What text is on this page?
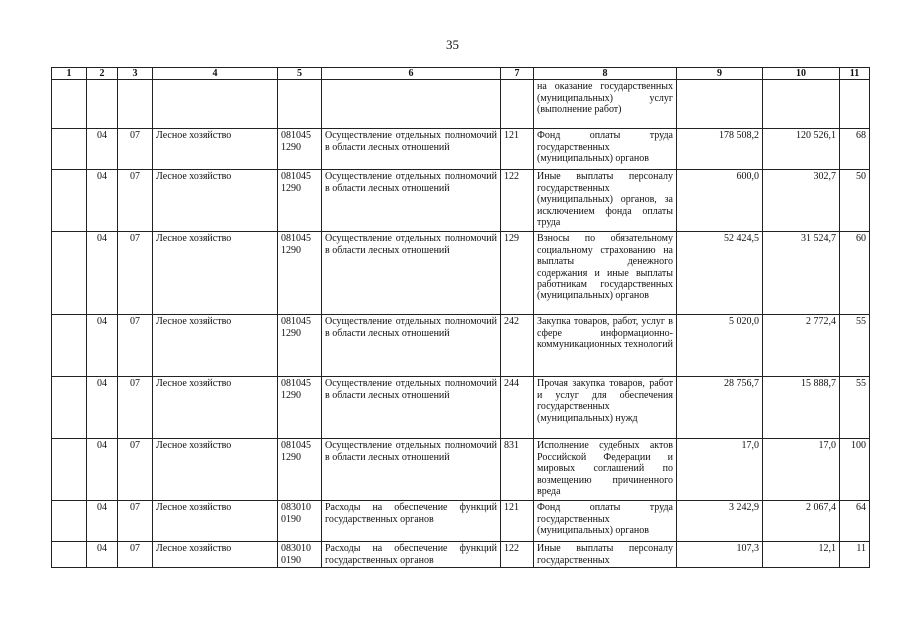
35
1	2	3	4	5	6	7	8	9	10	11
							на оказание государственных (муниципальных) услуг (выполнение работ)			
	04	07	Лесное хозяйство	081045 1290	Осуществление отдельных полномочий в области лесных отношений	121	Фонд оплаты труда государственных (муниципальных) органов	178 508,2	120 526,1	68
	04	07	Лесное хозяйство	081045 1290	Осуществление отдельных полномочий в области лесных отношений	122	Иные выплаты персоналу государственных (муниципальных) органов, за исключением фонда оплаты труда	600,0	302,7	50
	04	07	Лесное хозяйство	081045 1290	Осуществление отдельных полномочий в области лесных отношений	129	Взносы по обязательному социальному страхованию на выплаты денежного содержания и иные выплаты работникам государственных (муниципальных) органов	52 424,5	31 524,7	60
	04	07	Лесное хозяйство	081045 1290	Осуществление отдельных полномочий в области лесных отношений	242	Закупка товаров, работ, услуг в сфере информационно-коммуникационных технологий	5 020,0	2 772,4	55
	04	07	Лесное хозяйство	081045 1290	Осуществление отдельных полномочий в области лесных отношений	244	Прочая закупка товаров, работ и услуг для обеспечения государственных (муниципальных) нужд	28 756,7	15 888,7	55
	04	07	Лесное хозяйство	081045 1290	Осуществление отдельных полномочий в области лесных отношений	831	Исполнение судебных актов Российской Федерации и мировых соглашений по возмещению причиненного вреда	17,0	17,0	100
	04	07	Лесное хозяйство	083010 0190	Расходы на обеспечение функций государственных органов	121	Фонд оплаты труда государственных (муниципальных) органов	3 242,9	2 067,4	64
	04	07	Лесное хозяйство	083010 0190	Расходы на обеспечение функций государственных органов	122	Иные выплаты персоналу государственных	107,3	12,1	11
